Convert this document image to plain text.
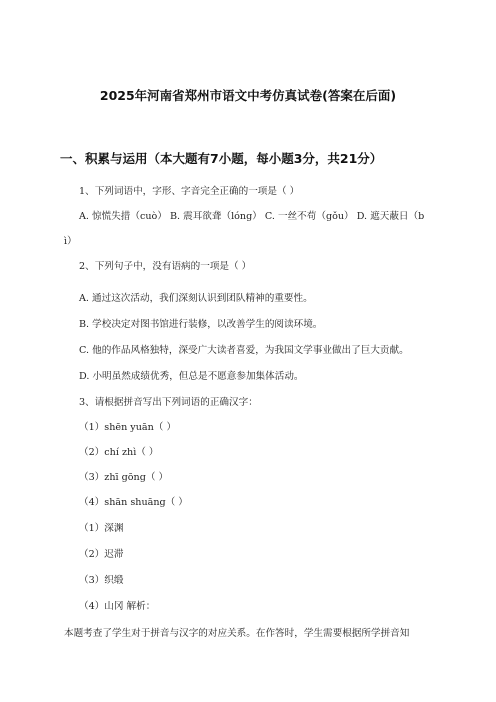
2025年河南省郑州市语文中考仿真试卷(答案在后面)
一、积累与运用（本大题有7小题，每小题3分，共21分）
1、下列词语中，字形、字音完全正确的一项是（ ）
A. 惊慌失措（cuò） B. 震耳欲聋（lóng） C. 一丝不苟（gǒu） D. 遮天蔽日（b
ì）
2、下列句子中，没有语病的一项是（ ）
A. 通过这次活动，我们深刻认识到团队精神的重要性。
B. 学校决定对图书馆进行装修，以改善学生的阅读环境。
C. 他的作品风格独特，深受广大读者喜爱，为我国文学事业做出了巨大贡献。
D. 小明虽然成绩优秀，但总是不愿意参加集体活动。
3、请根据拼音写出下列词语的正确汉字：
（1）shēn yuān（ ）
（2）chí zhì（ ）
（3）zhī gōng（ ）
（4）shān shuāng（ ）
（1）深渊
（2）迟滞
（3）织缎
（4）山冈 解析：
本题考查了学生对于拼音与汉字的对应关系。在作答时，学生需要根据所学拼音知
